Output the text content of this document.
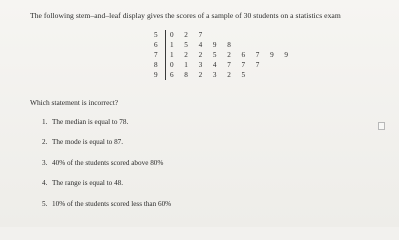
The following stem–and–leaf display gives the scores of a sample of 30 students on a statistics exam
5	0	2	7
6	1	5	4	9	8
7	1	2	2	5	2	6	7	9	9
8	0	1	3	4	7	7	7
9	6	8	2	3	2	5
Which statement is incorrect?
1. The median is equal to 78.
2. The mode is equal to 87.
3. 40% of the students scored above 80%
4. The range is equal to 48.
5. 10% of the students scored less than 60%
